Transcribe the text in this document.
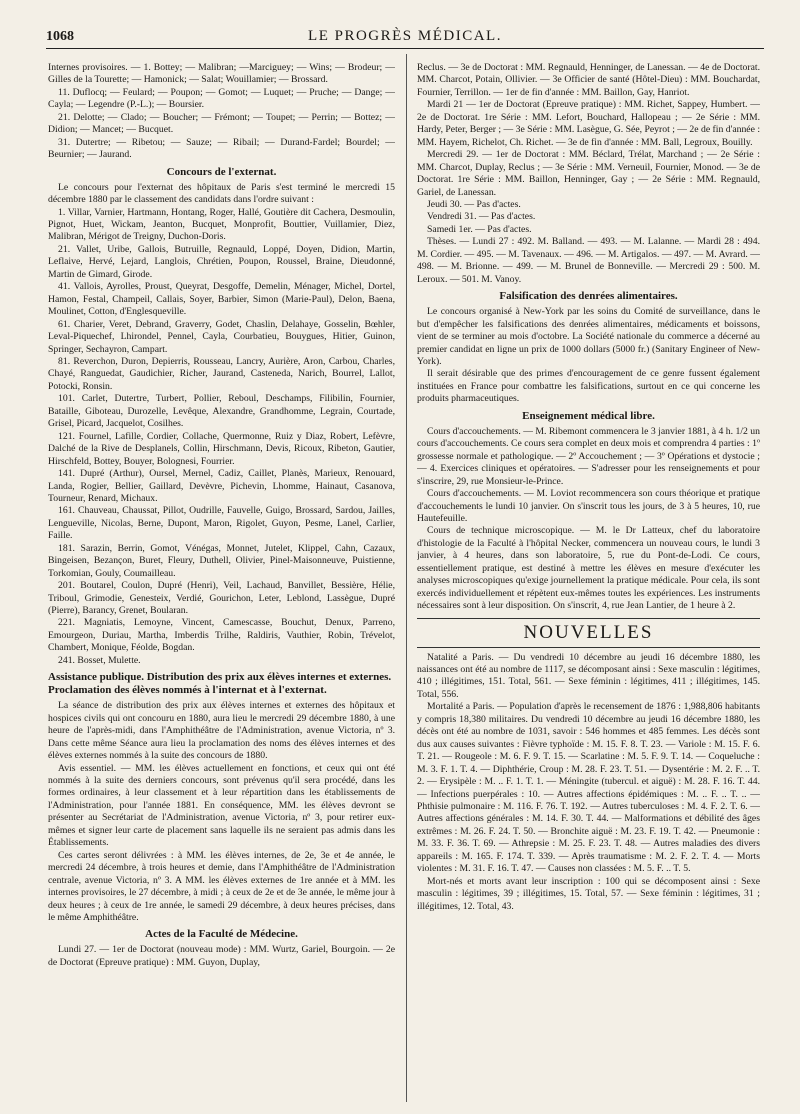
1068	LE PROGRÈS MÉDICAL.

Internes provisoires. — 1. Bottey; — Malibran; —Marciguey; — Wins; — Brodeur; — Gilles de la Tourette; — Hamonick; — Salat; Wouillamier; — Brossard.

11. Duflocq; — Feulard; — Poupon; — Gomot; — Luquet; — Pruche; — Dange; — Cayla; — Legendre (P.-L.); — Boursier.

21. Delotte; — Clado; — Boucher; — Frémont; — Toupet; — Perrin; — Bottez; — Didion; — Mancet; — Bucquet.

31. Dutertre; — Ribetou; — Sauze; — Ribail; — Durand-Fardel; Bourdel; — Beurnier; — Jaurand.

Concours de l'externat.

Le concours pour l'externat des hôpitaux de Paris s'est terminé le mercredi 15 décembre 1880 par le classement des candidats dans l'ordre suivant :

1. Villar, Varnier, Hartmann, Hontang, Roger, Hallé, Goutière dit Cachera, Desmoulin, Pignot, Huet, Wickam, Jeanton, Bucquet, Monprofit, Bouttier, Vuillamier, Diez, Malibran, Mérigot de Treigny, Duchon-Doris.

21. Vallet, Uribe, Gallois, Butruille, Regnauld, Loppé, Doyen, Didion, Martin, Leflaive, Hervé, Lejard, Langlois, Chrétien, Poupon, Roussel, Braine, Dieudonné, Martin de Gimard, Girode.

41. Vallois, Ayrolles, Proust, Queyrat, Desgoffe, Demelin, Ménager, Michel, Dortel, Hamon, Festal, Champeil, Callais, Soyer, Barbier, Simon (Marie-Paul), Delon, Baena, Moulinet, Cotton, d'Englesqueville.

61. Charier, Veret, Debrand, Graverry, Godet, Chaslin, Delahaye, Gosselin, Bœhler, Leval-Piquechef, Lhirondel, Pennel, Cayla, Courbatieu, Bouygues, Hitier, Guinon, Springer, Sechayron, Campart.

81. Reverchon, Duron, Depierris, Rousseau, Lancry, Aurière, Aron, Carbou, Charles, Chayé, Ranguedat, Gaudichier, Richer, Jaurand, Casteneda, Narich, Bourrel, Lallot, Potocki, Ronsin.

101. Carlet, Dutertre, Turbert, Pollier, Reboul, Deschamps, Filibilin, Fournier, Bataille, Giboteau, Durozelle, Levêque, Alexandre, Grandhomme, Legrain, Courtade, Grisel, Picard, Jacquelot, Cosilhes.

121. Fournel, Lafille, Cordier, Collache, Quermonne, Ruiz y Diaz, Robert, Lefèvre, Dalché de la Rive de Desplanels, Collin, Hirschmann, Devis, Ricoux, Ribeton, Gautier, Hirschfeld, Bottey, Bouyer, Bolognesi, Fourrier.

141. Dupré (Arthur), Oursel, Mernel, Cadiz, Caillet, Planès, Marieux, Renouard, Landa, Rogier, Bellier, Gaillard, Devèvre, Pichevin, Lhomme, Hainaut, Casanova, Tourneur, Renard, Michaux.

161. Chauveau, Chaussat, Pillot, Oudrille, Fauvelle, Guigo, Brossard, Sardou, Jailles, Lengueville, Nicolas, Berne, Dupont, Maron, Rigolet, Guyon, Pesme, Lanel, Carlier, Faille.

181. Sarazin, Berrin, Gomot, Vénégas, Monnet, Jutelet, Klippel, Cahn, Cazaux, Bingeisen, Bezançon, Buret, Fleury, Duthell, Olivier, Pinel-Maisonneuve, Puistienne, Torkomian, Gouly, Coumailleau.

201. Boutarel, Coulon, Dupré (Henri), Veil, Lachaud, Banvillet, Bessière, Hélie, Triboul, Grimodie, Genesteix, Verdié, Gourichon, Leter, Leblond, Lassègue, Dupré (Pierre), Barancy, Grenet, Boularan.

221. Magniatis, Lemoyne, Vincent, Camescasse, Bouchut, Denux, Parreno, Emourgeon, Duriau, Martha, Imberdis Trilhe, Raldiris, Vauthier, Robin, Trévelot, Chambert, Monique, Féolde, Bogdan.

241. Bosset, Mulette.

Assistance publique. Distribution des prix aux élèves internes et externes. Proclamation des élèves nommés à l'internat et à l'externat.

La séance de distribution des prix aux élèves internes et externes des hôpitaux et hospices civils qui ont concouru en 1880, aura lieu le mercredi 29 décembre 1880, à une heure de l'après-midi, dans l'Amphithéâtre de l'Administration, avenue Victoria, nº 3. Dans cette même Séance aura lieu la proclamation des noms des élèves internes et des élèves externes nommés à la suite des concours de 1880.

Avis essentiel. — MM. les élèves actuellement en fonctions, et ceux qui ont été nommés à la suite des derniers concours, sont prévenus qu'il sera procédé, dans les formes ordinaires, à leur classement et à leur répartition dans les établissements de l'Administration, pour l'année 1881. En conséquence, MM. les élèves devront se présenter au Secrétariat de l'Administration, avenue Victoria, nº 3, pour retirer eux-mêmes et signer leur carte de placement sans laquelle ils ne seraient pas admis dans les Établissements.

Ces cartes seront délivrées : à MM. les élèves internes, de 2e, 3e et 4e année, le mercredi 24 décembre, à trois heures et demie, dans l'Amphithéâtre de l'Administration centrale, avenue Victoria, nº 3. A MM. les élèves externes de 1re année et à MM. les internes provisoires, le 27 décembre, à midi ; à ceux de 2e et de 3e année, le même jour à deux heures ; à ceux de 1re année, le samedi 29 décembre, à deux heures précises, dans le même Amphithéâtre.

Actes de la Faculté de Médecine.

Lundi 27. — 1er de Doctorat (nouveau mode) : MM. Wurtz, Gariel, Bourgoin. — 2e de Doctorat (Epreuve pratique) : MM. Guyon, Duplay,

Reclus. — 3e de Doctorat : MM. Regnauld, Henninger, de Lanessan. — 4e de Doctorat. MM. Charcot, Potain, Ollivier. — 3e Officier de santé (Hôtel-Dieu) : MM. Bouchardat, Fournier, Terrillon. — 1er de fin d'année : MM. Baillon, Gay, Hanriot.

Mardi 21 — 1er de Doctorat (Epreuve pratique) : MM. Richet, Sappey, Humbert. — 2e de Doctorat. 1re Série : MM. Lefort, Bouchard, Hallopeau ; — 2e Série : MM. Hardy, Peter, Berger ; — 3e Série : MM. Lasègue, G. Sée, Peyrot ; — 2e de fin d'année : MM. Hayem, Richelot, Ch. Richet. — 3e de fin d'année : MM. Ball, Legroux, Bouilly.

Mercredi 29. — 1er de Doctorat : MM. Béclard, Trélat, Marchand ; — 2e Série : MM. Charcot, Duplay, Reclus ; — 3e Série : MM. Verneuil, Fournier, Monod. — 3e de Doctorat. 1re Série : MM. Baillon, Henninger, Gay ; — 2e Série : MM. Regnauld, Gariel, de Lanessan.

Jeudi 30. — Pas d'actes.

Vendredi 31. — Pas d'actes.

Samedi 1er. — Pas d'actes.

Thèses. — Lundi 27 : 492. M. Balland. — 493. — M. Lalanne. — Mardi 28 : 494. M. Cordier. — 495. — M. Tavenaux. — 496. — M. Artigalos. — 497. — M. Avrard. — 498. — M. Brionne. — 499. — M. Brunel de Bonneville. — Mercredi 29 : 500. M. Leroux. — 501. M. Vanoy.

Falsification des denrées alimentaires.

Le concours organisé à New-York par les soins du Comité de surveillance, dans le but d'empêcher les falsifications des denrées alimentaires, médicaments et boissons, vient de se terminer au mois d'octobre. La Société nationale du commerce a décerné au premier candidat en ligne un prix de 1000 dollars (5000 fr.) (Sanitary Engineer of New-York).

Il serait désirable que des primes d'encouragement de ce genre fussent également instituées en France pour combattre les falsifications, surtout en ce qui concerne les produits pharmaceutiques.

Enseignement médical libre.

Cours d'accouchements. — M. Ribemont commencera le 3 janvier 1881, à 4 h. 1/2 un cours d'accouchements. Ce cours sera complet en deux mois et comprendra 4 parties : 1º grossesse normale et pathologique. — 2º Accouchement ; — 3º Opérations et dystocie ; — 4. Exercices cliniques et opératoires. — S'adresser pour les renseignements et pour s'inscrire, 29, rue Monsieur-le-Prince.

Cours d'accouchements. — M. Loviot recommencera son cours théorique et pratique d'accouchements le lundi 10 janvier. On s'inscrit tous les jours, de 3 à 5 heures, 10, rue Hautefeuille.

Cours de technique microscopique. — M. le Dr Latteux, chef du laboratoire d'histologie de la Faculté à l'hôpital Necker, commencera un nouveau cours, le lundi 3 janvier, à 4 heures, dans son laboratoire, 5, rue du Pont-de-Lodi. Ce cours, essentiellement pratique, est destiné à mettre les élèves en mesure d'exécuter les analyses microscopiques qu'exige journellement la pratique médicale. Pour cela, ils sont exercés individuellement et répètent eux-mêmes toutes les expériences. Les instruments nécessaires sont à leur disposition. On s'inscrit, 4, rue Jean Lantier, de 1 heure à 2.

NOUVELLES

Natalité a Paris. — Du vendredi 10 décembre au jeudi 16 décembre 1880, les naissances ont été au nombre de 1117, se décomposant ainsi : Sexe masculin : légitimes, 410 ; illégitimes, 151. Total, 561. — Sexe féminin : légitimes, 411 ; illégitimes, 145. Total, 556.

Mortalité a Paris. — Population d'après le recensement de 1876 : 1,988,806 habitants y compris 18,380 militaires. Du vendredi 10 décembre au jeudi 16 décembre 1880, les décès ont été au nombre de 1031, savoir : 546 hommes et 485 femmes. Les décès sont dus aux causes suivantes : Fièvre typhoïde : M. 15. F. 8. T. 23. — Variole : M. 15. F. 6. T. 21. — Rougeole : M. 6. F. 9. T. 15. — Scarlatine : M. 5. F. 9. T. 14. — Coqueluche : M. 3. F. 1. T. 4. — Diphthérie, Croup : M. 28. F. 23. T. 51. — Dysentérie : M. 2. F. .. T. 2. — Erysipèle : M. .. F. 1. T. 1. — Méningite (tubercul. et aiguë) : M. 28. F. 16. T. 44. — Infections puerpérales : 10. — Autres affections épidémiques : M. .. F. .. T. .. — Phthisie pulmonaire : M. 116. F. 76. T. 192. — Autres tuberculoses : M. 4. F. 2. T. 6. — Autres affections générales : M. 14. F. 30. T. 44. — Malformations et débilité des âges extrêmes : M. 26. F. 24. T. 50. — Bronchite aiguë : M. 23. F. 19. T. 42. — Pneumonie : M. 33. F. 36. T. 69. — Athrepsie : M. 25. F. 23. T. 48. — Autres maladies des divers appareils : M. 165. F. 174. T. 339. — Après traumatisme : M. 2. F. 2. T. 4. — Morts violentes : M. 31. F. 16. T. 47. — Causes non classées : M. 5. F. .. T. 5.

Mort-nés et morts avant leur inscription : 100 qui se décomposent ainsi : Sexe masculin : légitimes, 39 ; illégitimes, 15. Total, 57. — Sexe féminin : légitimes, 31 ; illégitimes, 12. Total, 43.
